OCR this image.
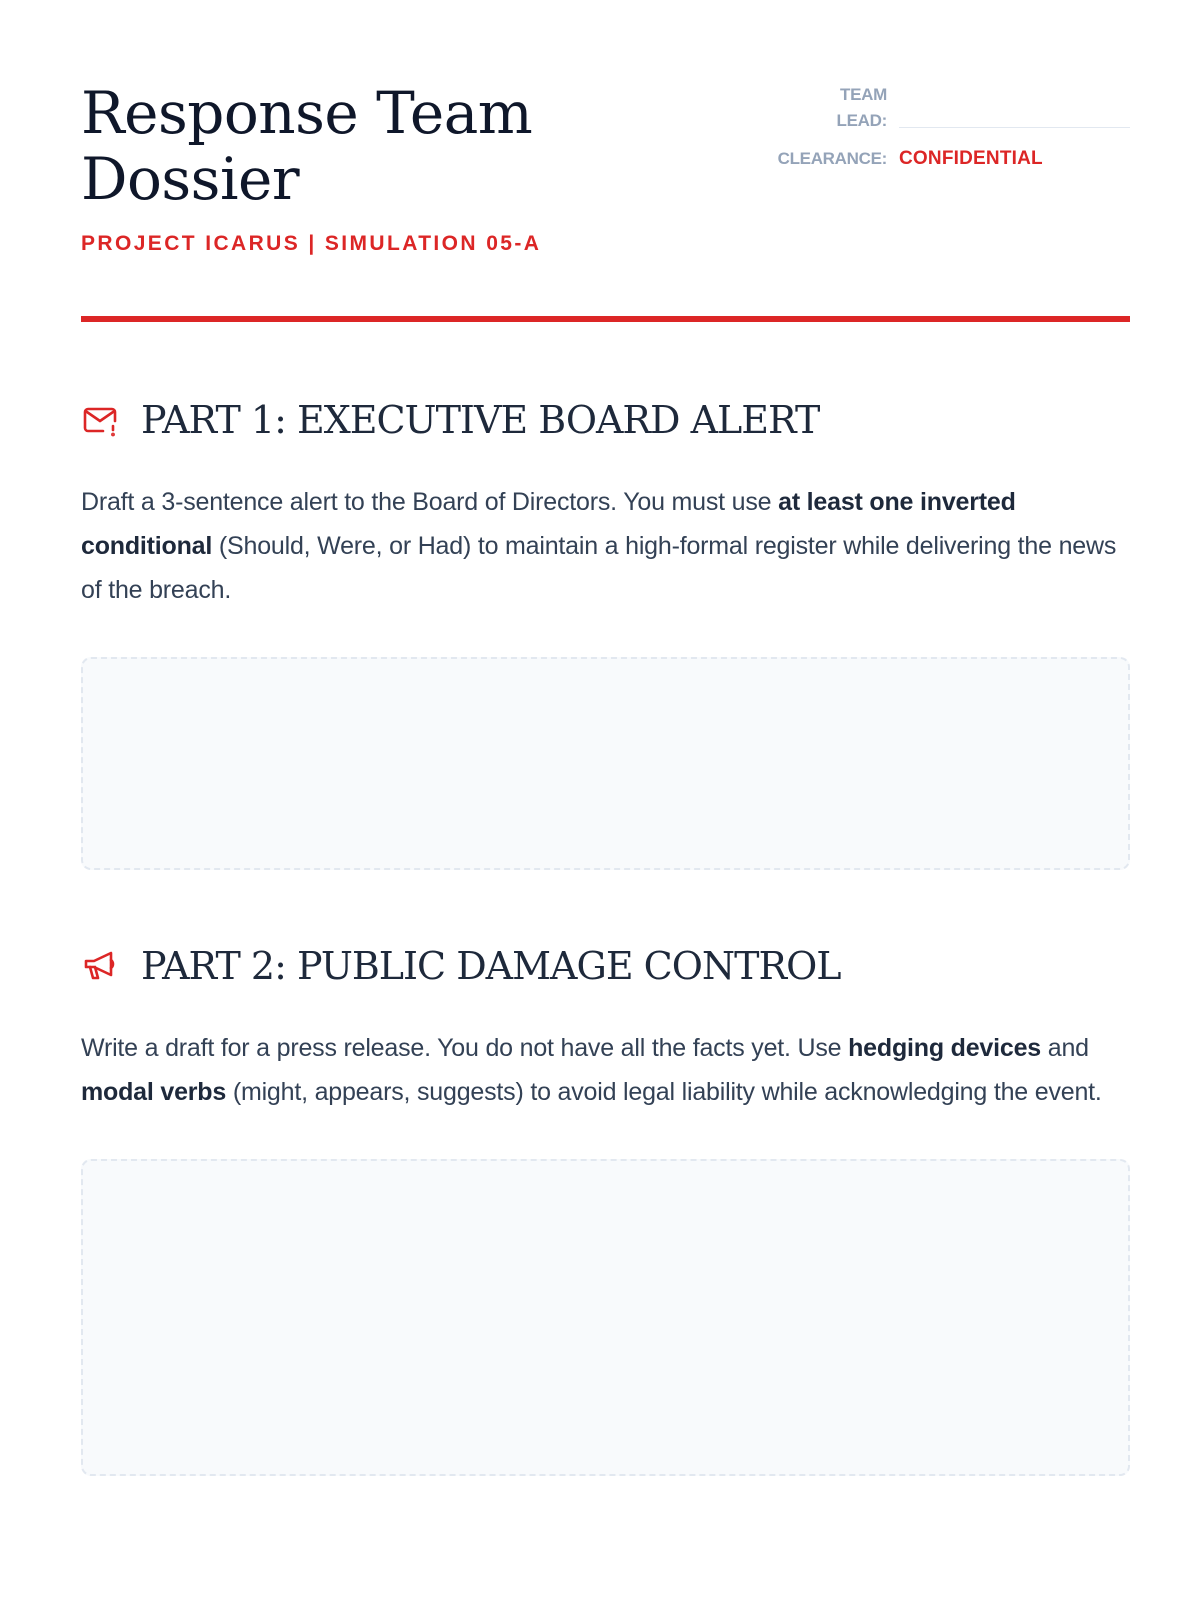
Response Team Dossier
PROJECT ICARUS | SIMULATION 05-A
TEAM
LEAD:
CLEARANCE: CONFIDENTIAL
PART 1: EXECUTIVE BOARD ALERT
Draft a 3-sentence alert to the Board of Directors. You must use at least one inverted conditional (Should, Were, or Had) to maintain a high-formal register while delivering the news of the breach.
PART 2: PUBLIC DAMAGE CONTROL
Write a draft for a press release. You do not have all the facts yet. Use hedging devices and modal verbs (might, appears, suggests) to avoid legal liability while acknowledging the event.
